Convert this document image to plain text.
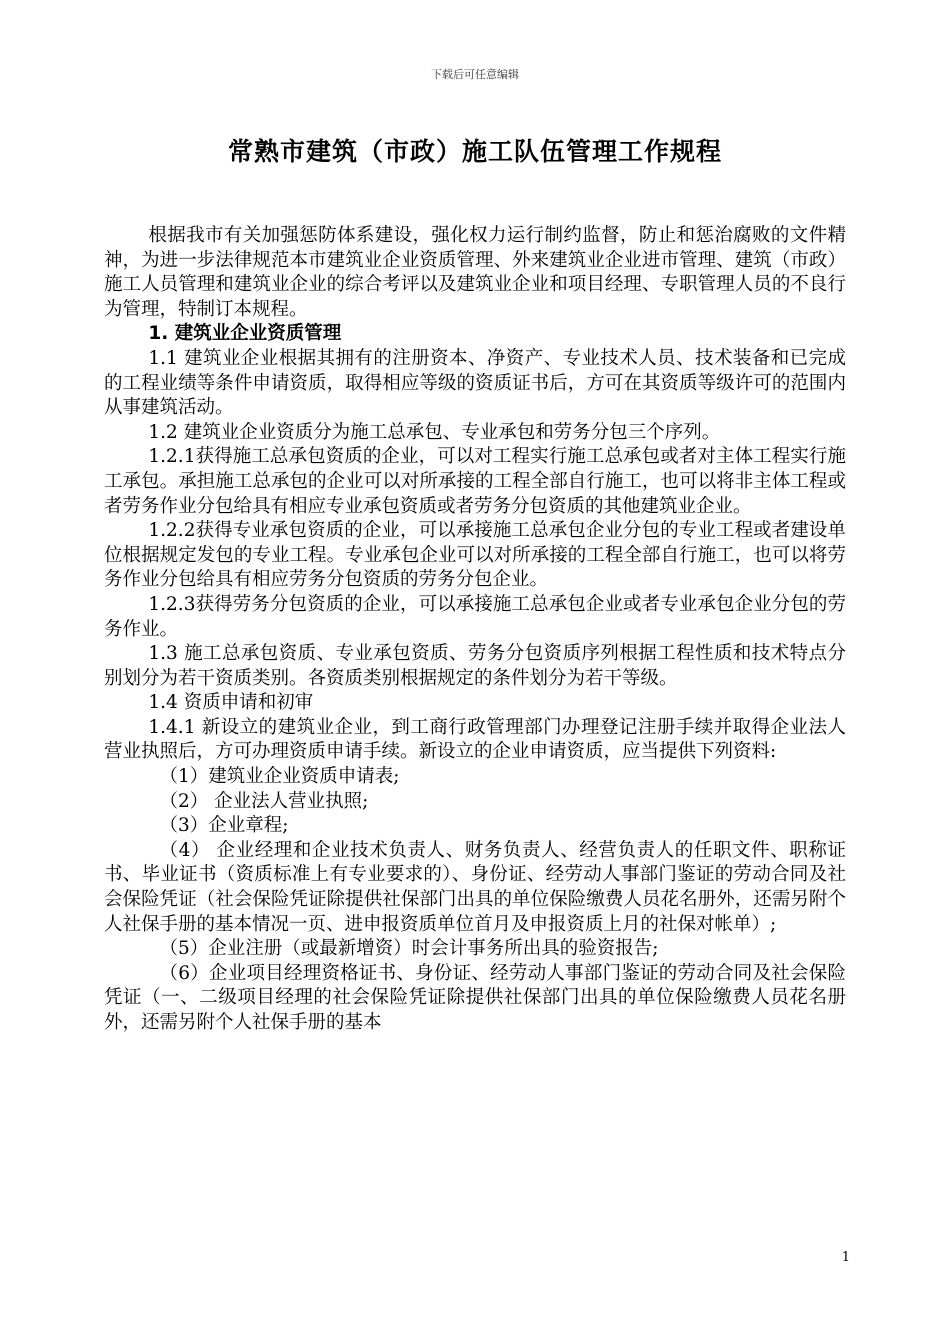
下载后可任意编辑
常熟市建筑（市政）施工队伍管理工作规程

根据我市有关加强惩防体系建设，强化权力运行制约监督，防止和惩治腐败的文件精神，为进一步法律规范本市建筑业企业资质管理、外来建筑业企业进市管理、建筑（市政）施工人员管理和建筑业企业的综合考评以及建筑业企业和项目经理、专职管理人员的不良行为管理，特制订本规程。

1. 建筑业企业资质管理

1.1 建筑业企业根据其拥有的注册资本、净资产、专业技术人员、技术装备和已完成的工程业绩等条件申请资质，取得相应等级的资质证书后，方可在其资质等级许可的范围内从事建筑活动。

1.2 建筑业企业资质分为施工总承包、专业承包和劳务分包三个序列。

1.2.1获得施工总承包资质的企业，可以对工程实行施工总承包或者对主体工程实行施工承包。承担施工总承包的企业可以对所承接的工程全部自行施工，也可以将非主体工程或者劳务作业分包给具有相应专业承包资质或者劳务分包资质的其他建筑业企业。

1.2.2获得专业承包资质的企业，可以承接施工总承包企业分包的专业工程或者建设单位根据规定发包的专业工程。专业承包企业可以对所承接的工程全部自行施工，也可以将劳务作业分包给具有相应劳务分包资质的劳务分包企业。

1.2.3获得劳务分包资质的企业，可以承接施工总承包企业或者专业承包企业分包的劳务作业。

1.3 施工总承包资质、专业承包资质、劳务分包资质序列根据工程性质和技术特点分别划分为若干资质类别。各资质类别根据规定的条件划分为若干等级。

1.4 资质申请和初审

1.4.1 新设立的建筑业企业，到工商行政管理部门办理登记注册手续并取得企业法人营业执照后，方可办理资质申请手续。新设立的企业申请资质，应当提供下列资料:

（1）建筑业企业资质申请表;

（2） 企业法人营业执照;

（3）企业章程;

（4） 企业经理和企业技术负责人、财务负责人、经营负责人的任职文件、职称证书、毕业证书（资质标准上有专业要求的）、身份证、经劳动人事部门鉴证的劳动合同及社会保险凭证（社会保险凭证除提供社保部门出具的单位保险缴费人员花名册外，还需另附个人社保手册的基本情况一页、进申报资质单位首月及申报资质上月的社保对帐单）;

（5）企业注册（或最新增资）时会计事务所出具的验资报告;

（6）企业项目经理资格证书、身份证、经劳动人事部门鉴证的劳动合同及社会保险凭证（一、二级项目经理的社会保险凭证除提供社保部门出具的单位保险缴费人员花名册外，还需另附个人社保手册的基本

1
